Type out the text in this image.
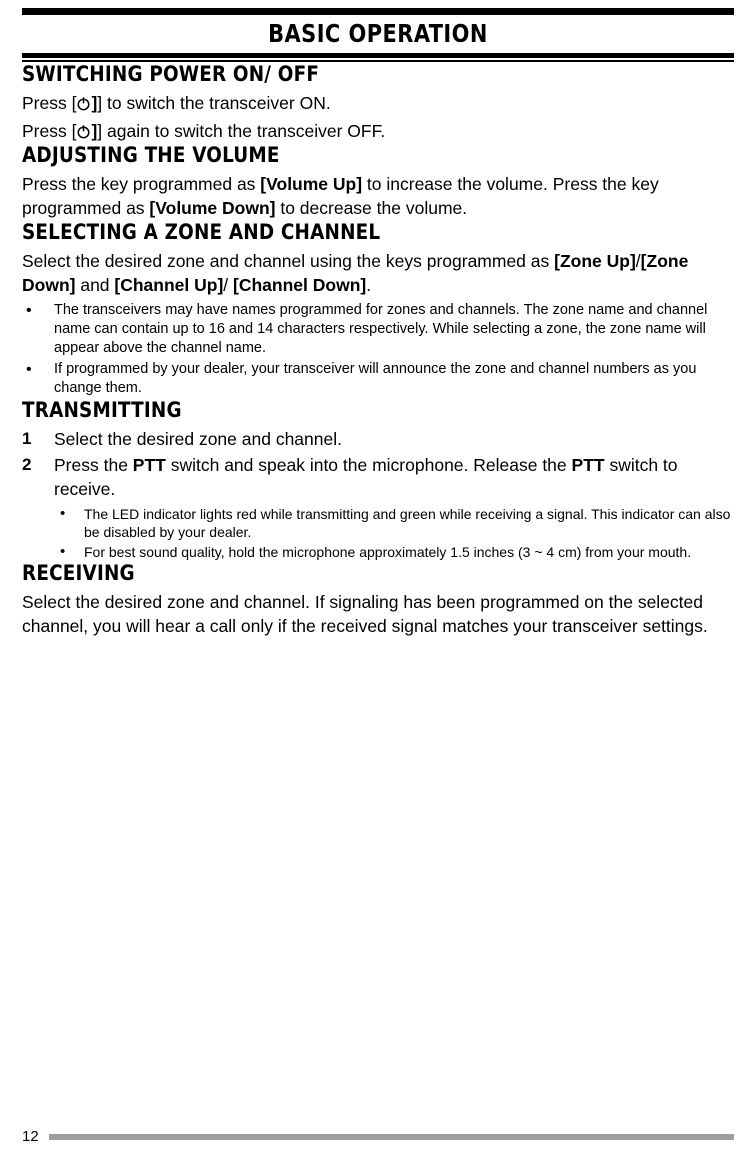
BASIC OPERATION
SWITCHING POWER ON/ OFF

Press [ ]] to switch the transceiver ON.

Press [ ]] again to switch the transceiver OFF.

ADJUSTING THE VOLUME

Press the key programmed as [Volume Up] to increase the volume. Press the key programmed as [Volume Down] to decrease the volume.

SELECTING A ZONE AND CHANNEL

Select the desired zone and channel using the keys programmed as [Zone Up]/[Zone Down] and [Channel Up]/ [Channel Down].

• The transceivers may have names programmed for zones and channels. The zone name and channel name can contain up to 16 and 14 characters respectively. While selecting a zone, the zone name will appear above the channel name.
• If programmed by your dealer, your transceiver will announce the zone and channel numbers as you change them.
TRANSMITTING
1 Select the desired zone and channel.
2 Press the PTT switch and speak into the microphone. Release the PTT switch to receive.
• The LED indicator lights red while transmitting and green while receiving a signal. This indicator can also be disabled by your dealer.
• For best sound quality, hold the microphone approximately 1.5 inches (3 ~ 4 cm) from your mouth.
RECEIVING

Select the desired zone and channel. If signaling has been programmed on the selected channel, you will hear a call only if the received signal matches your transceiver settings.

12
